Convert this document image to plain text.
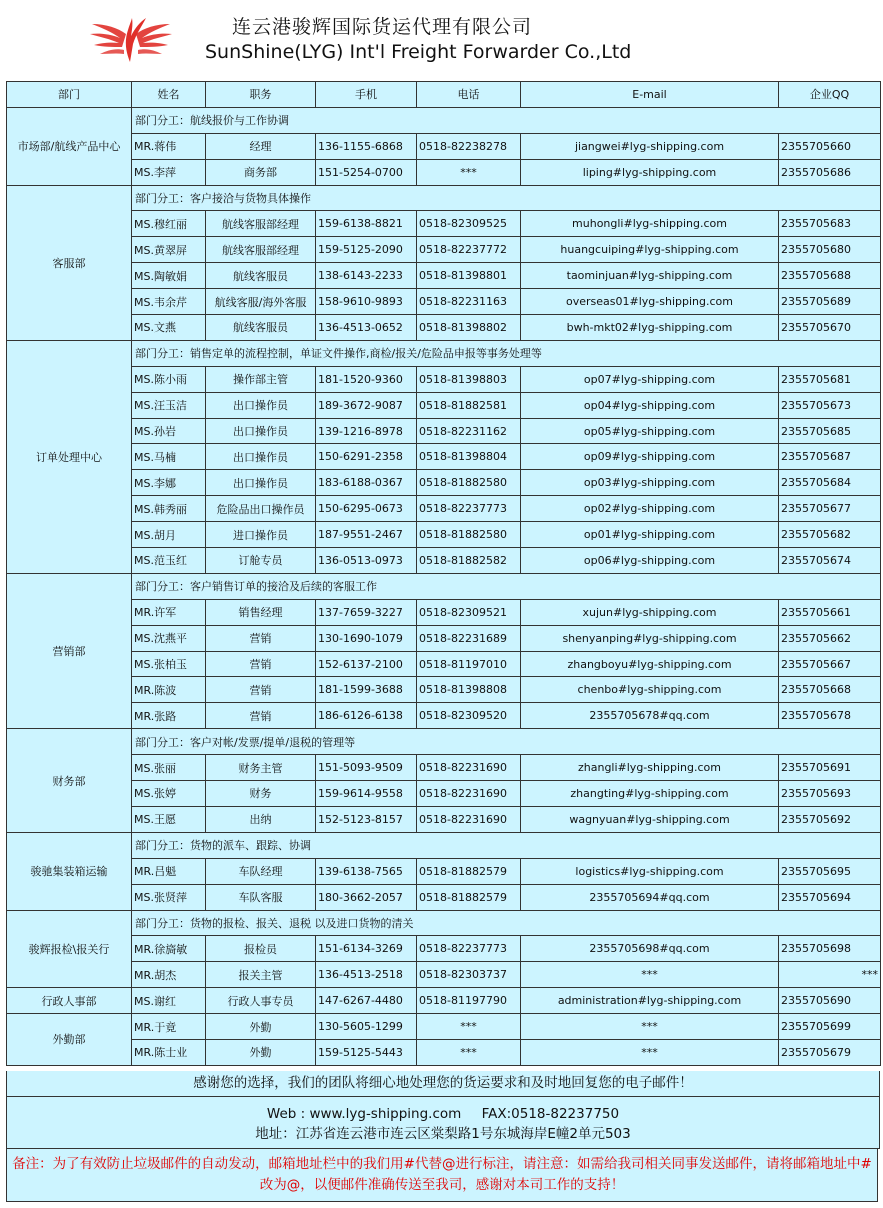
连云港骏辉国际货运代理有限公司
SunShine(LYG) Int'l Freight Forwarder Co.,Ltd
部门	姓名	职务	手机	电话	E-mail	企业QQ
市场部/航线产品中心	部门分工：航线报价与工作协调					
	MR.蒋伟	经理	136-1155-6868	0518-82238278	jiangwei#lyg-shipping.com	2355705660
	MS.李萍	商务部	151-5254-0700	***	liping#lyg-shipping.com	2355705686
客服部	部门分工：客户接洽与货物具体操作					
	MS.穆红丽	航线客服部经理	159-6138-8821	0518-82309525	muhongli#lyg-shipping.com	2355705683
	MS.黄翠屏	航线客服部经理	159-5125-2090	0518-82237772	huangcuiping#lyg-shipping.com	2355705680
	MS.陶敏娟	航线客服员	138-6143-2233	0518-81398801	taominjuan#lyg-shipping.com	2355705688
	MS.韦余芹	航线客服/海外客服	158-9610-9893	0518-82231163	overseas01#lyg-shipping.com	2355705689
	MS.文燕	航线客服员	136-4513-0652	0518-81398802	bwh-mkt02#lyg-shipping.com	2355705670
订单处理中心	部门分工：销售定单的流程控制，单证文件操作,商检/报关/危险品申报等事务处理等					
	MS.陈小雨	操作部主管	181-1520-9360	0518-81398803	op07#lyg-shipping.com	2355705681
	MS.汪玉洁	出口操作员	189-3672-9087	0518-81882581	op04#lyg-shipping.com	2355705673
	MS.孙岩	出口操作员	139-1216-8978	0518-82231162	op05#lyg-shipping.com	2355705685
	MS.马楠	出口操作员	150-6291-2358	0518-81398804	op09#lyg-shipping.com	2355705687
	MS.李娜	出口操作员	183-6188-0367	0518-81882580	op03#lyg-shipping.com	2355705684
	MS.韩秀丽	危险品出口操作员	150-6295-0673	0518-82237773	op02#lyg-shipping.com	2355705677
	MS.胡月	进口操作员	187-9551-2467	0518-81882580	op01#lyg-shipping.com	2355705682
	MS.范玉红	订舱专员	136-0513-0973	0518-81882582	op06#lyg-shipping.com	2355705674
营销部	部门分工：客户销售订单的接洽及后续的客服工作					
	MR.许军	销售经理	137-7659-3227	0518-82309521	xujun#lyg-shipping.com	2355705661
	MS.沈燕平	营销	130-1690-1079	0518-82231689	shenyanping#lyg-shipping.com	2355705662
	MS.张柏玉	营销	152-6137-2100	0518-81197010	zhangboyu#lyg-shipping.com	2355705667
	MR.陈波	营销	181-1599-3688	0518-81398808	chenbo#lyg-shipping.com	2355705668
	MR.张路	营销	186-6126-6138	0518-82309520	2355705678#qq.com	2355705678
财务部	部门分工：客户对帐/发票/提单/退税的管理等					
	MS.张丽	财务主管	151-5093-9509	0518-82231690	zhangli#lyg-shipping.com	2355705691
	MS.张婷	财务	159-9614-9558	0518-82231690	zhangting#lyg-shipping.com	2355705693
	MS.王愿	出纳	152-5123-8157	0518-82231690	wagnyuan#lyg-shipping.com	2355705692
骏驰集装箱运输	部门分工：货物的派车、跟踪、协调					
	MR.吕魁	车队经理	139-6138-7565	0518-81882579	logistics#lyg-shipping.com	2355705695
	MS.张贤萍	车队客服	180-3662-2057	0518-81882579	2355705694#qq.com	2355705694
骏辉报检\报关行	部门分工：货物的报检、报关、退税 以及进口货物的清关					
	MR.徐旖敏	报检员	151-6134-3269	0518-82237773	2355705698#qq.com	2355705698
	MR.胡杰	报关主管	136-4513-2518	0518-82303737	***	***
行政人事部	MS.谢红	行政人事专员	147-6267-4480	0518-81197790	administration#lyg-shipping.com	2355705690
外勤部	MR.于竟	外勤	130-5605-1299	***	***	2355705699
	MR.陈士业	外勤	159-5125-5443	***	***	2355705679
感谢您的选择，我们的团队将细心地处理您的货运要求和及时地回复您的电子邮件！
Web : www.lyg-shipping.com FAX:0518-82237750
地址：江苏省连云港市连云区棠梨路1号东城海岸E幢2单元503
备注：为了有效防止垃圾邮件的自动发动，邮箱地址栏中的我们用#代替@进行标注，请注意：如需给我司相关同事发送邮件，请将邮箱地址中#改为@，以便邮件准确传送至我司，感谢对本司工作的支持！
